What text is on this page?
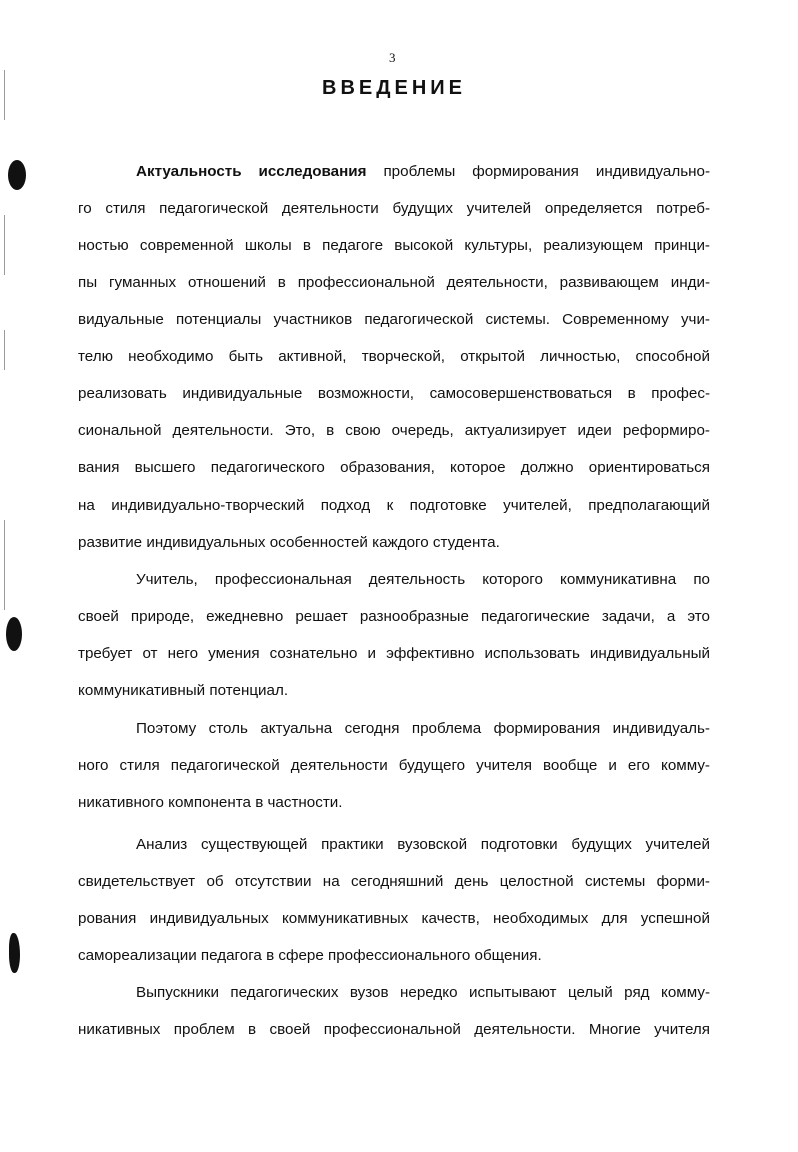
3
ВВЕДЕНИЕ
Актуальность исследования проблемы формирования индивидуально-
го стиля педагогической деятельности будущих учителей определяется потреб-
ностью современной школы в педагоге высокой культуры, реализующем принци-
пы гуманных отношений в профессиональной деятельности, развивающем инди-
видуальные потенциалы участников педагогической системы. Современному учи-
телю необходимо быть активной, творческой, открытой личностью, способной
реализовать индивидуальные возможности, самосовершенствоваться в профес-
сиональной деятельности. Это, в свою очередь, актуализирует идеи реформиро-
вания высшего педагогического образования, которое должно ориентироваться
на индивидуально-творческий подход к подготовке учителей, предполагающий
развитие индивидуальных особенностей каждого студента.
Учитель, профессиональная деятельность которого коммуникативна по
своей природе, ежедневно решает разнообразные педагогические задачи, а это
требует от него умения сознательно и эффективно использовать индивидуальный
коммуникативный потенциал.
Поэтому столь актуальна сегодня проблема формирования индивидуаль-
ного стиля педагогической деятельности будущего учителя вообще и его комму-
никативного компонента в частности.
Анализ существующей практики вузовской подготовки будущих учителей
свидетельствует об отсутствии на сегодняшний день целостной системы форми-
рования индивидуальных коммуникативных качеств, необходимых для успешной
самореализации педагога в сфере профессионального общения.
Выпускники педагогических вузов нередко испытывают целый ряд комму-
никативных проблем в своей профессиональной деятельности. Многие учителя
